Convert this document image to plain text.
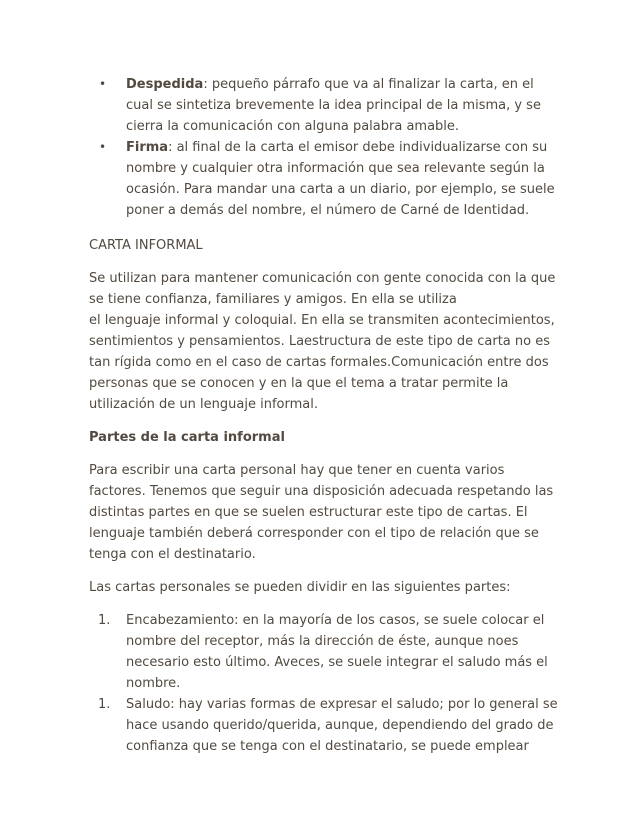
• Despedida: pequeño párrafo que va al finalizar la carta, en el
cual se sintetiza brevemente la idea principal de la misma, y se
cierra la comunicación con alguna palabra amable.
• Firma: al final de la carta el emisor debe individualizarse con su
nombre y cualquier otra información que sea relevante según la
ocasión. Para mandar una carta a un diario, por ejemplo, se suele
poner a demás del nombre, el número de Carné de Identidad.
CARTA INFORMAL
Se utilizan para mantener comunicación con gente conocida con la que
se tiene confianza, familiares y amigos. En ella se utiliza
el lenguaje informal y coloquial. En ella se transmiten acontecimientos,
sentimientos y pensamientos. Laestructura de este tipo de carta no es
tan rígida como en el caso de cartas formales.Comunicación entre dos
personas que se conocen y en la que el tema a tratar permite la
utilización de un lenguaje informal.
Partes de la carta informal
Para escribir una carta personal hay que tener en cuenta varios
factores. Tenemos que seguir una disposición adecuada respetando las
distintas partes en que se suelen estructurar este tipo de cartas. El
lenguaje también deberá corresponder con el tipo de relación que se
tenga con el destinatario.
Las cartas personales se pueden dividir en las siguientes partes:
1. Encabezamiento: en la mayoría de los casos, se suele colocar el
nombre del receptor, más la dirección de éste, aunque noes
necesario esto último. Aveces, se suele integrar el saludo más el
nombre.
1. Saludo: hay varias formas de expresar el saludo; por lo general se
hace usando querido/querida, aunque, dependiendo del grado de
confianza que se tenga con el destinatario, se puede emplear
